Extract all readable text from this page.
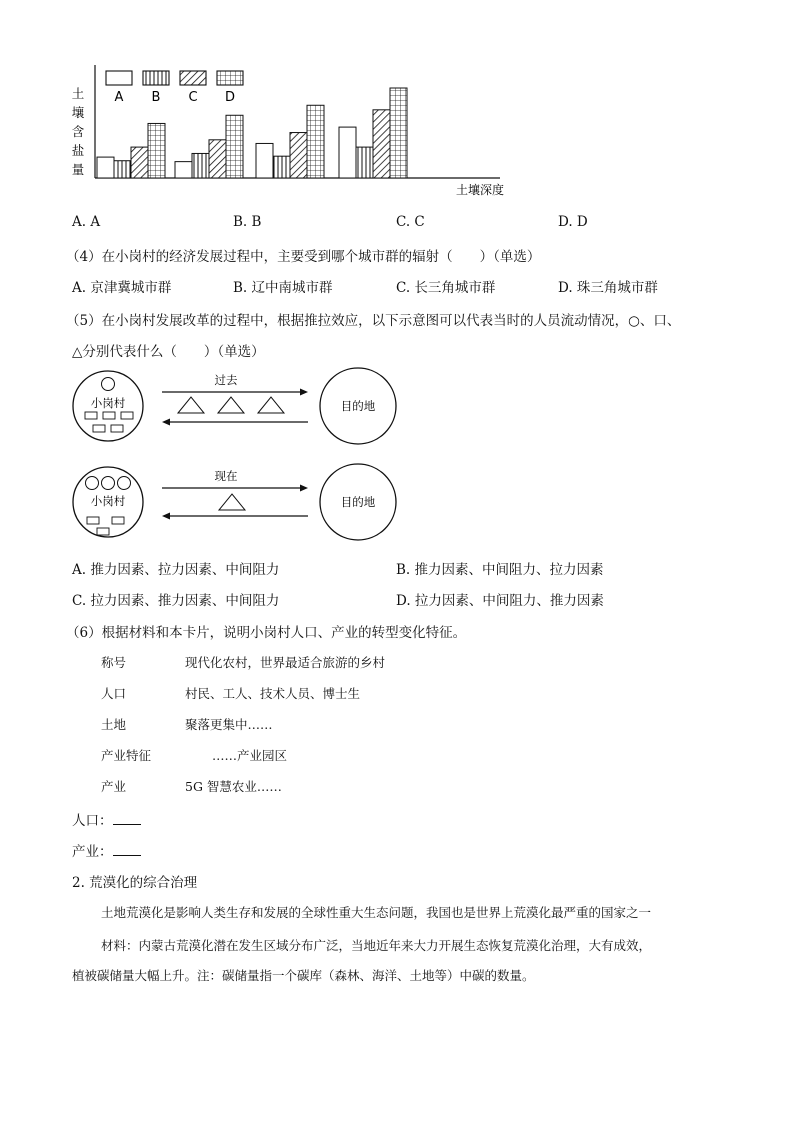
土
壤
含
盐
量
土壤深度
A B C D
A. A	B. B	C. C	D. D
（4）在小岗村的经济发展过程中，主要受到哪个城市群的辐射（　　）（单选）
A. 京津冀城市群	B. 辽中南城市群	C. 长三角城市群	D. 珠三角城市群
（5）在小岗村发展改革的过程中，根据推拉效应，以下示意图可以代表当时的人员流动情况，○、口、
△分别代表什么（　　）（单选）
小岗村
过去
目的地
小岗村
现在
目的地
A. 推力因素、拉力因素、中间阻力	B. 推力因素、中间阻力、拉力因素
C. 拉力因素、推力因素、中间阻力	D. 拉力因素、中间阻力、推力因素
（6）根据材料和本卡片，说明小岗村人口、产业的转型变化特征。
称号	现代化农村，世界最适合旅游的乡村
人口	村民、工人、技术人员、博士生
土地	聚落更集中……
产业特征	……产业园区
产业	5G 智慧农业……
人口：
产业：
2. 荒漠化的综合治理
土地荒漠化是影响人类生存和发展的全球性重大生态问题，我国也是世界上荒漠化最严重的国家之一
材料：内蒙古荒漠化潜在发生区域分布广泛，当地近年来大力开展生态恢复荒漠化治理，大有成效，
植被碳储量大幅上升。注：碳储量指一个碳库（森林、海洋、土地等）中碳的数量。
